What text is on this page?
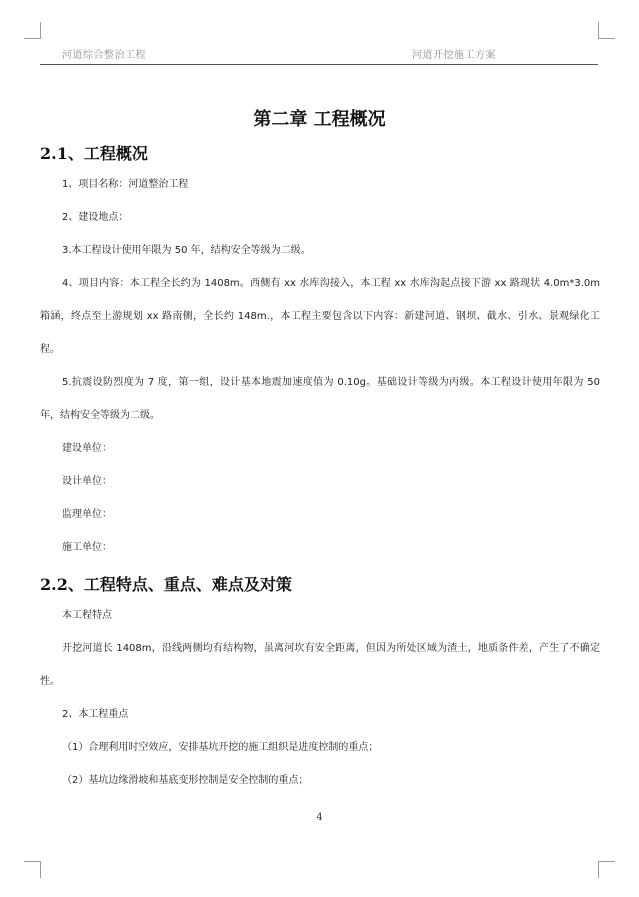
河道综合整治工程	河道开挖施工方案
第二章 工程概况
2.1、工程概况

1、项目名称：河道整治工程

2、建设地点：

3.本工程设计使用年限为 50 年，结构安全等级为二级。

4、项目内容：本工程全长约为 1408m。西侧有 xx 水库沟接入，本工程 xx 水库沟起点接下游 xx 路现状 4.0m*3.0m 箱涵，终点至上游规划 xx 路南侧，全长约 148m.，本工程主要包含以下内容：新建河道、钢坝、截水、引水、景观绿化工程。

5.抗震设防烈度为 7 度，第一组，设计基本地震加速度值为 0.10g。基础设计等级为丙级。本工程设计使用年限为 50 年，结构安全等级为二级。

建设单位：

设计单位：

监理单位：

施工单位：

2.2、工程特点、重点、难点及对策

本工程特点

开挖河道长 1408m，沿线两侧均有结构物，虽离河坎有安全距离，但因为所处区域为渣土，地质条件差，产生了不确定性。

2、本工程重点

（1）合理利用时空效应，安排基坑开挖的施工组织是进度控制的重点；

（2）基坑边缘滑坡和基底变形控制是安全控制的重点；

4
